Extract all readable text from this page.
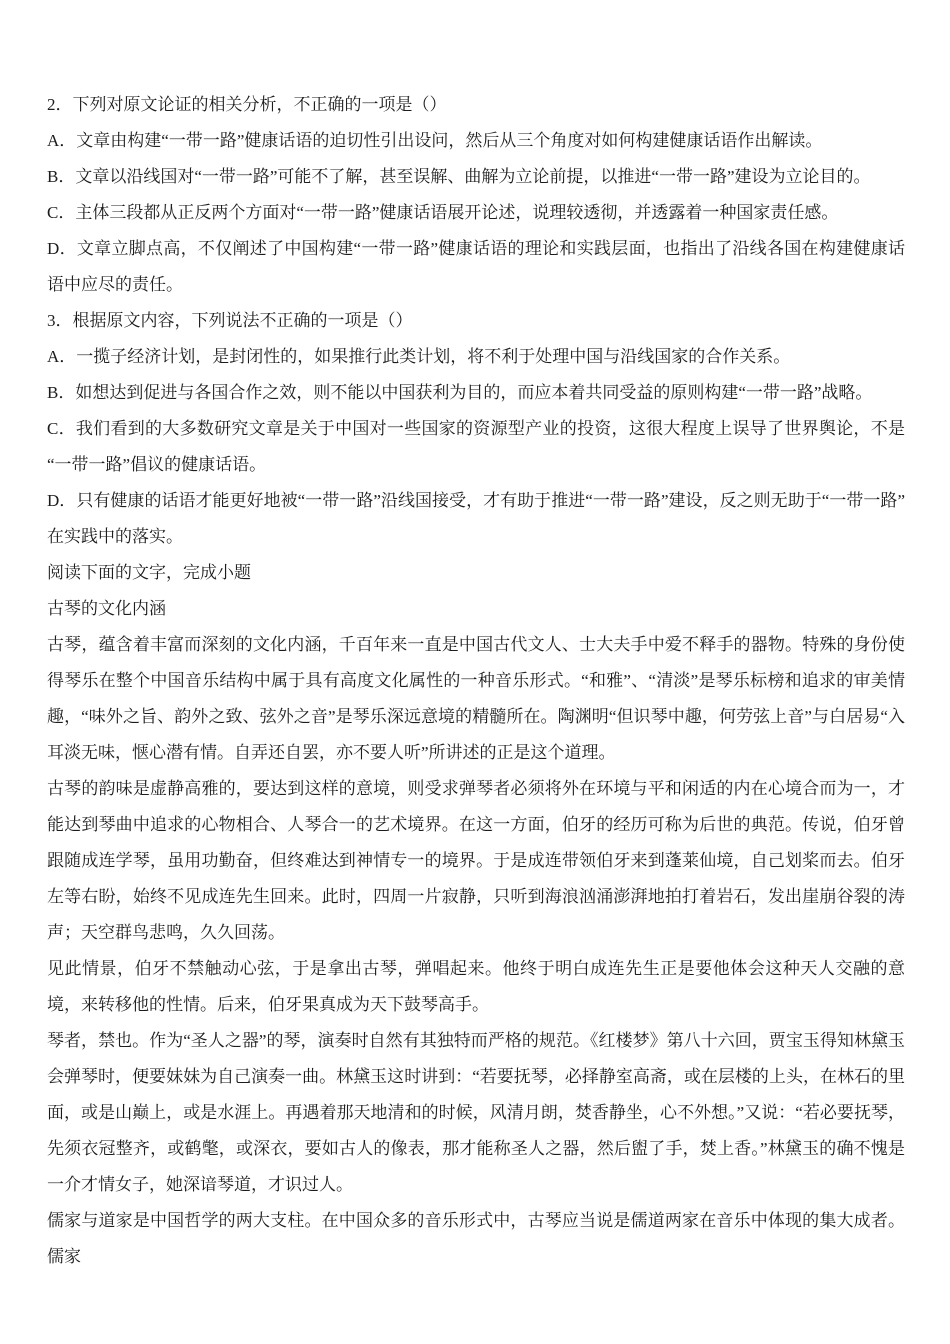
2．下列对原文论证的相关分析，不正确的一项是（）

A．文章由构建“一带一路”健康话语的迫切性引出设问，然后从三个角度对如何构建健康话语作出解读。

B．文章以沿线国对“一带一路”可能不了解，甚至误解、曲解为立论前提，以推进“一带一路”建设为立论目的。

C．主体三段都从正反两个方面对“一带一路”健康话语展开论述，说理较透彻，并透露着一种国家责任感。

D．文章立脚点高，不仅阐述了中国构建“一带一路”健康话语的理论和实践层面，也指出了沿线各国在构建健康话语中应尽的责任。

3．根据原文内容，下列说法不正确的一项是（）

A．一揽子经济计划，是封闭性的，如果推行此类计划，将不利于处理中国与沿线国家的合作关系。

B．如想达到促进与各国合作之效，则不能以中国获利为目的，而应本着共同受益的原则构建“一带一路”战略。

C．我们看到的大多数研究文章是关于中国对一些国家的资源型产业的投资，这很大程度上误导了世界舆论，不是“一带一路”倡议的健康话语。

D．只有健康的话语才能更好地被“一带一路”沿线国接受，才有助于推进“一带一路”建设，反之则无助于“一带一路”在实践中的落实。

阅读下面的文字，完成小题

古琴的文化内涵

古琴，蕴含着丰富而深刻的文化内涵，千百年来一直是中国古代文人、士大夫手中爱不释手的器物。特殊的身份使得琴乐在整个中国音乐结构中属于具有高度文化属性的一种音乐形式。“和雅”、“清淡”是琴乐标榜和追求的审美情趣，“味外之旨、韵外之致、弦外之音”是琴乐深远意境的精髓所在。陶渊明“但识琴中趣，何劳弦上音”与白居易“入耳淡无味，惬心潜有情。自弄还自罢，亦不要人听”所讲述的正是这个道理。

古琴的韵味是虚静高雅的，要达到这样的意境，则受求弹琴者必须将外在环境与平和闲适的内在心境合而为一，才能达到琴曲中追求的心物相合、人琴合一的艺术境界。在这一方面，伯牙的经历可称为后世的典范。传说，伯牙曾跟随成连学琴，虽用功勤奋，但终难达到神情专一的境界。于是成连带领伯牙来到蓬莱仙境，自己划桨而去。伯牙左等右盼，始终不见成连先生回来。此时，四周一片寂静，只听到海浪汹涌澎湃地拍打着岩石，发出崖崩谷裂的涛声；天空群鸟悲鸣，久久回荡。

见此情景，伯牙不禁触动心弦，于是拿出古琴，弹唱起来。他终于明白成连先生正是要他体会这种天人交融的意境，来转移他的性情。后来，伯牙果真成为天下鼓琴高手。

琴者，禁也。作为“圣人之器”的琴，演奏时自然有其独特而严格的规范。《红楼梦》第八十六回，贾宝玉得知林黛玉会弹琴时，便要妹妹为自己演奏一曲。林黛玉这时讲到：“若要抚琴，必择静室高斋，或在层楼的上头，在林石的里面，或是山巅上，或是水涯上。再遇着那天地清和的时候，风清月朗，焚香静坐，心不外想。”又说：“若必要抚琴，先须衣冠整齐，或鹤氅，或深衣，要如古人的像表，那才能称圣人之器，然后盥了手，焚上香。”林黛玉的确不愧是一介才情女子，她深谙琴道，才识过人。

儒家与道家是中国哲学的两大支柱。在中国众多的音乐形式中，古琴应当说是儒道两家在音乐中体现的集大成者。儒家
